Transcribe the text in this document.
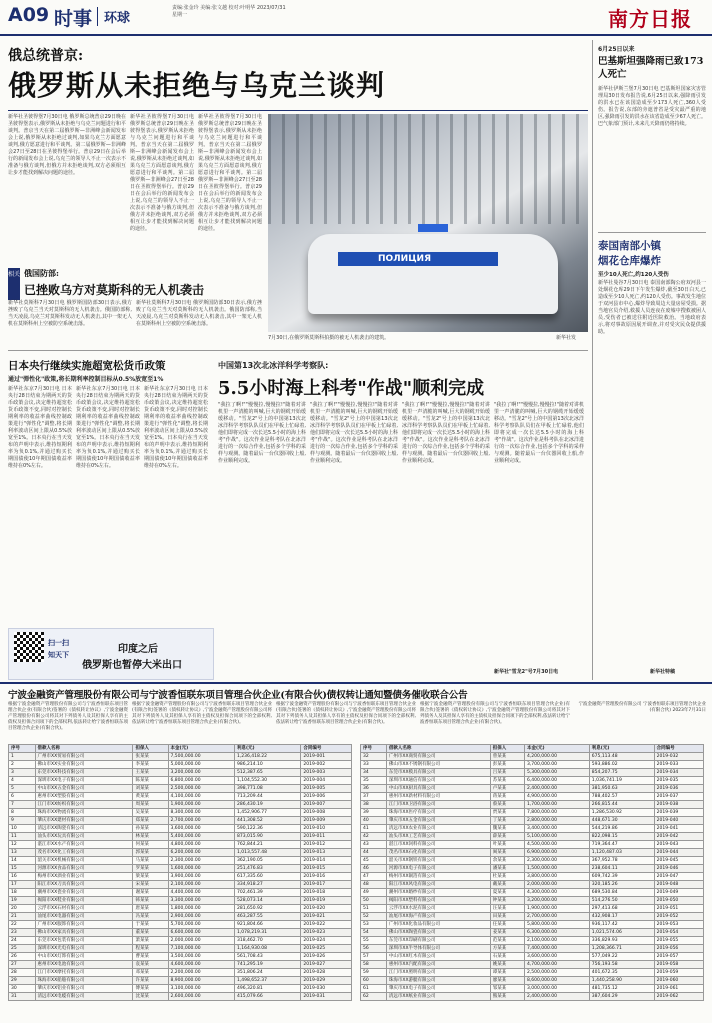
A09 时事 环球
责编:张金玲 美编:张文越 校对:叶明华 2023/07/31 星期一	南方日报
俄总统普京:
俄罗斯从未拒绝与乌克兰谈判
新华社圣彼得堡7月30日电 俄罗斯总统普京29日晚在圣彼得堡表示,俄罗斯从未拒绝与乌克兰问题进行和平谈判。普京当天在第二届俄罗斯—非洲峰会新闻发布会上说,俄罗斯从未拒绝过谈判,如果乌克兰方面愿意谈判,俄方愿意进行和平谈判。第二届俄罗斯—非洲峰会27日至28日在圣彼得堡举行。普京29日在会后举行的新闻发布会上说,乌克兰的领导人不止一次表示不准备与俄方谈判,但俄方并未拒绝谈判,双方必须相互让步才能找到解决问题的途径。
新华社圣彼得堡7月30日电 俄罗斯总统普京29日晚在圣彼得堡表示,俄罗斯从未拒绝与乌克兰问题进行和平谈判。普京当天在第二届俄罗斯—非洲峰会新闻发布会上说,俄罗斯从未拒绝过谈判,如果乌克兰方面愿意谈判,俄方愿意进行和平谈判。第二届俄罗斯—非洲峰会27日至28日在圣彼得堡举行。普京29日在会后举行的新闻发布会上说,乌克兰的领导人不止一次表示不准备与俄方谈判,但俄方并未拒绝谈判,双方必须相互让步才能找到解决问题的途径。
新华社圣彼得堡7月30日电 俄罗斯总统普京29日晚在圣彼得堡表示,俄罗斯从未拒绝与乌克兰问题进行和平谈判。普京当天在第二届俄罗斯—非洲峰会新闻发布会上说,俄罗斯从未拒绝过谈判,如果乌克兰方面愿意谈判,俄方愿意进行和平谈判。第二届俄罗斯—非洲峰会27日至28日在圣彼得堡举行。普京29日在会后举行的新闻发布会上说,乌克兰的领导人不止一次表示不准备与俄方谈判,但俄方并未拒绝谈判,双方必须相互让步才能找到解决问题的途径。
ПОЛИЦИЯ
7月30日,在俄罗斯莫斯科拍摄的被无人机袭击的建筑。	新华社发
相关 俄国防部:
已挫败乌方对莫斯科的无人机袭击
新华社莫斯科7月30日电 俄罗斯国防部30日表示,俄方挫败了乌克兰当天对莫斯科的无人机袭击。俄国防部称,当天凌晨,乌克兰对莫斯科发动无人机袭击,其中一架无人机在莫斯科州上空被防空系统击落。
新华社莫斯科7月30日电 俄罗斯国防部30日表示,俄方挫败了乌克兰当天对莫斯科的无人机袭击。俄国防部称,当天凌晨,乌克兰对莫斯科发动无人机袭击,其中一架无人机在莫斯科州上空被防空系统击落。
日本央行继续实施超宽松货币政策
通过"弹性化"政策,将长期利率控制目标从0.5%放宽至1%
新华社东京7月30日电 日本央行28日结束为期两天的货币政策会议,决定维持超宽松货币政策不变,同时对控制长期利率的收益率曲线控制政策进行"弹性化"调整,将长期利率波动区间上限从0.5%放宽至1%。日本央行在当天发布的声明中表示,维持短期利率为负0.1%,并通过购买长期国债使10年期国债收益率维持在0%左右。
新华社东京7月30日电 日本央行28日结束为期两天的货币政策会议,决定维持超宽松货币政策不变,同时对控制长期利率的收益率曲线控制政策进行"弹性化"调整,将长期利率波动区间上限从0.5%放宽至1%。日本央行在当天发布的声明中表示,维持短期利率为负0.1%,并通过购买长期国债使10年期国债收益率维持在0%左右。
新华社东京7月30日电 日本央行28日结束为期两天的货币政策会议,决定维持超宽松货币政策不变,同时对控制长期利率的收益率曲线控制政策进行"弹性化"调整,将长期利率波动区间上限从0.5%放宽至1%。日本央行在当天发布的声明中表示,维持短期利率为负0.1%,并通过购买长期国债使10年期国债收益率维持在0%左右。
扫一扫
知天下	印度之后
俄罗斯也暂停大米出口
中国第13次北冰洋科学考察队:
5.5小时海上科考"作战"顺利完成
"我拉了啊!""慢慢拉,慢慢拉!"随着对讲机里一声清脆的叫喊,巨大的钢缆开始缓缓移动。"雪龙2"号上的中国第13次北冰洋科学考察队队员们在甲板上忙碌着,他们即将完成一次长达5.5小时的海上科考"作战"。这次作业是科考队在北冰洋进行的一次综合作业,包括多个学科的采样与观测。随着最后一台仪器回收上船,作业顺利完成。
"我拉了啊!""慢慢拉,慢慢拉!"随着对讲机里一声清脆的叫喊,巨大的钢缆开始缓缓移动。"雪龙2"号上的中国第13次北冰洋科学考察队队员们在甲板上忙碌着,他们即将完成一次长达5.5小时的海上科考"作战"。这次作业是科考队在北冰洋进行的一次综合作业,包括多个学科的采样与观测。随着最后一台仪器回收上船,作业顺利完成。
"我拉了啊!""慢慢拉,慢慢拉!"随着对讲机里一声清脆的叫喊,巨大的钢缆开始缓缓移动。"雪龙2"号上的中国第13次北冰洋科学考察队队员们在甲板上忙碌着,他们即将完成一次长达5.5小时的海上科考"作战"。这次作业是科考队在北冰洋进行的一次综合作业,包括多个学科的采样与观测。随着最后一台仪器回收上船,作业顺利完成。
"我拉了啊!""慢慢拉,慢慢拉!"随着对讲机里一声清脆的叫喊,巨大的钢缆开始缓缓移动。"雪龙2"号上的中国第13次北冰洋科学考察队队员们在甲板上忙碌着,他们即将完成一次长达5.5小时的海上科考"作战"。这次作业是科考队在北冰洋进行的一次综合作业,包括多个学科的采样与观测。随着最后一台仪器回收上船,作业顺利完成。
新华社"雪龙2"号7月30日电
6月25日以来
巴基斯坦强降雨已致173人死亡
新华社伊斯兰堡7月30日电 巴基斯坦国家灾害管理局30日发布报告说,6月25日以来,强降雨引发的洪水已在该国造成至少173人死亡,360人受伤。报告说,东部的旁遮普省是受灾最严重的地区,强降雨引发的洪水在该省造成至少67人死亡。巴气象部门预计,未来几天降雨仍将持续。
泰国南部小镇
烟花仓库爆炸
至少10人死亡,约120人受伤
新华社曼谷7月30日电 泰国南部陶公府双河县一处烟花仓库29日下午发生爆炸,截至30日白天,已造成至少10人死亡,约120人受伤。事故发生地位于双河县市中心,爆炸导致周边大量房屋受损。据当地官员介绍,救援人员连夜在废墟中搜救被困人员,受伤者已被送往附近医院救治。当地政府表示,将对事故原因展开调查,并对受灾民众提供援助。
新华社特稿
宁波金融资产管理股份有限公司与宁波香恒联东项目管理合伙企业(有限合伙)债权转让通知暨债务催收联合公告
根据宁波金融资产管理股份有限公司与宁波香恒联东项目管理合伙企业(有限合伙)签署的《债权转让协议》,宁波金融资产管理股份有限公司将其对下列债务人及其担保人享有的主债权及担保合同项下的全部权利,依法转让给宁波香恒联东项目管理合伙企业(有限合伙)。
根据宁波金融资产管理股份有限公司与宁波香恒联东项目管理合伙企业(有限合伙)签署的《债权转让协议》,宁波金融资产管理股份有限公司将其对下列债务人及其担保人享有的主债权及担保合同项下的全部权利,依法转让给宁波香恒联东项目管理合伙企业(有限合伙)。
根据宁波金融资产管理股份有限公司与宁波香恒联东项目管理合伙企业(有限合伙)签署的《债权转让协议》,宁波金融资产管理股份有限公司将其对下列债务人及其担保人享有的主债权及担保合同项下的全部权利,依法转让给宁波香恒联东项目管理合伙企业(有限合伙)。
根据宁波金融资产管理股份有限公司与宁波香恒联东项目管理合伙企业(有限合伙)签署的《债权转让协议》,宁波金融资产管理股份有限公司将其对下列债务人及其担保人享有的主债权及担保合同项下的全部权利,依法转让给宁波香恒联东项目管理合伙企业(有限合伙)。
宁波金融资产管理股份有限公司 宁波香恒联东项目管理合伙企业(有限合伙) 2023年7月31日
序号	借款人名称	担保人	本金(元)	利息(元)	合同编号
1	广州市XX贸易有限公司	张某某	7,500,000.00	1,236,418.22	2019-001
2	佛山市XX实业有限公司	李某某	5,000,000.00	986,214.10	2019-002
3	东莞市XX科技有限公司	王某某	3,200,000.00	512,387.65	2019-003
4	深圳市XX电子有限公司	陈某某	6,800,000.00	1,104,552.30	2019-004
5	中山市XX五金有限公司	刘某某	2,500,000.00	398,771.08	2019-005
6	惠州市XX塑胶有限公司	黄某某	4,100,000.00	713,209.44	2019-006
7	江门市XX纺织有限公司	周某某	1,900,000.00	286,430.19	2019-007
8	珠海市XX物流有限公司	吴某某	8,300,000.00	1,452,906.77	2019-008
9	肇庆市XX建材有限公司	郑某某	2,700,000.00	441,308.52	2019-009
10	清远市XX陶瓷有限公司	孙某某	3,600,000.00	590,122.36	2019-010
11	汕头市XX玩具有限公司	林某某	5,400,000.00	873,015.90	2019-011
12	湛江市XX水产有限公司	何某某	4,800,000.00	762,844.21	2019-012
13	茂名市XX化工有限公司	郭某某	6,200,000.00	1,013,557.48	2019-013
14	韶关市XX机械有限公司	马某某	2,300,000.00	362,190.05	2019-014
15	河源市XX食品有限公司	罗某某	1,600,000.00	251,476.83	2019-015
16	梅州市XX酒业有限公司	梁某某	3,900,000.00	617,335.60	2019-016
17	阳江市XX刀具有限公司	宋某某	2,100,000.00	334,918.27	2019-017
18	潮州市XX瓷业有限公司	谢某某	4,400,000.00	702,461.39	2019-018
19	揭阳市XX鞋业有限公司	韩某某	3,300,000.00	528,073.14	2019-019
20	云浮市XX石材有限公司	唐某某	1,800,000.00	281,650.92	2019-020
21	汕尾市XX电器有限公司	冯某某	2,900,000.00	463,287.55	2019-021
22	广州市XX服饰有限公司	于某某	5,700,000.00	921,804.66	2019-022
23	佛山市XX家具有限公司	董某某	6,600,000.00	1,078,219.31	2019-023
24	东莞市XX包装有限公司	萧某某	2,000,000.00	318,462.70	2019-024
25	深圳市XX光电有限公司	程某某	7,100,000.00	1,164,930.08	2019-025
26	中山市XX灯饰有限公司	曹某某	3,500,000.00	561,708.43	2019-026
27	惠州市XX电池有限公司	袁某某	4,600,000.00	741,295.19	2019-027
28	江门市XX摩托有限公司	邓某某	2,200,000.00	351,806.24	2019-028
29	珠海市XX船舶有限公司	许某某	8,900,000.00	1,498,652.37	2019-029
30	肇庆市XX铝业有限公司	傅某某	3,100,000.00	496,320.81	2019-030
31	清远市XX电缆有限公司	沈某某	2,600,000.00	415,079.66	2019-031
序号	借款人名称	担保人	本金(元)	利息(元)	合同编号
32	广州市XX商贸有限公司	曾某某	4,200,000.00	675,113.48	2019-032
33	佛山市XX不锈钢有限公司	彭某某	3,700,000.00	593,886.02	2019-033
34	东莞市XX模具有限公司	吕某某	5,300,000.00	854,207.75	2019-034
35	深圳市XX通信有限公司	苏某某	6,400,000.00	1,036,741.19	2019-035
36	中山市XX厨具有限公司	卢某某	2,400,000.00	381,950.63	2019-036
37	惠州市XX新材料有限公司	蒋某某	4,900,000.00	788,402.57	2019-037
38	江门市XX卫浴有限公司	蔡某某	1,700,000.00	266,815.44	2019-038
39	珠海市XX医疗有限公司	贾某某	7,800,000.00	1,286,530.92	2019-039
40	肇庆市XX五金有限公司	丁某某	2,800,000.00	448,671.30	2019-040
41	清远市XX农业有限公司	魏某某	3,400,000.00	544,219.86	2019-041
42	汕头市XX工艺有限公司	薛某某	5,100,000.00	822,098.15	2019-042
43	湛江市XX饲料有限公司	叶某某	4,500,000.00	719,364.47	2019-043
44	茂名市XX石化有限公司	阎某某	6,900,000.00	1,120,487.03	2019-044
45	韶关市XX钢铁有限公司	余某某	2,300,000.00	367,952.78	2019-045
46	河源市XX电子有限公司	潘某某	1,500,000.00	238,604.11	2019-046
47	梅州市XX铜箔有限公司	杜某某	3,800,000.00	609,742.39	2019-047
48	阳江市XX风电有限公司	戴某某	2,000,000.00	320,185.26	2019-048
49	潮州市XX婚纱有限公司	夏某某	4,300,000.00	689,530.84	2019-049
50	揭阳市XX塑料有限公司	钟某某	3,200,000.00	514,276.50	2019-050
51	云浮市XX水泥有限公司	汪某某	1,900,000.00	297,413.68	2019-051
52	汕尾市XX海产有限公司	田某某	2,700,000.00	432,908.17	2019-052
53	广州市XX化妆品有限公司	任某某	5,800,000.00	936,117.42	2019-053
54	佛山市XX陶瓷有限公司	姜某某	6,300,000.00	1,021,574.06	2019-054
55	东莞市XX印刷有限公司	范某某	2,100,000.00	336,829.93	2019-055
56	深圳市XX半导体有限公司	方某某	7,400,000.00	1,208,366.71	2019-056
57	中山市XX红木有限公司	石某某	3,600,000.00	577,049.22	2019-057
58	惠州市XX汽配有限公司	姚某某	4,700,000.00	756,193.58	2019-058
59	江门市XX照明有限公司	谭某某	2,500,000.00	401,672.35	2019-059
60	珠海市XX游艇有限公司	廖某某	8,600,000.00	1,440,258.90	2019-060
61	肇庆市XX电子有限公司	邹某某	3,000,000.00	481,735.12	2019-061
62	清远市XX纸业有限公司	熊某某	2,400,000.00	387,604.29	2019-062
